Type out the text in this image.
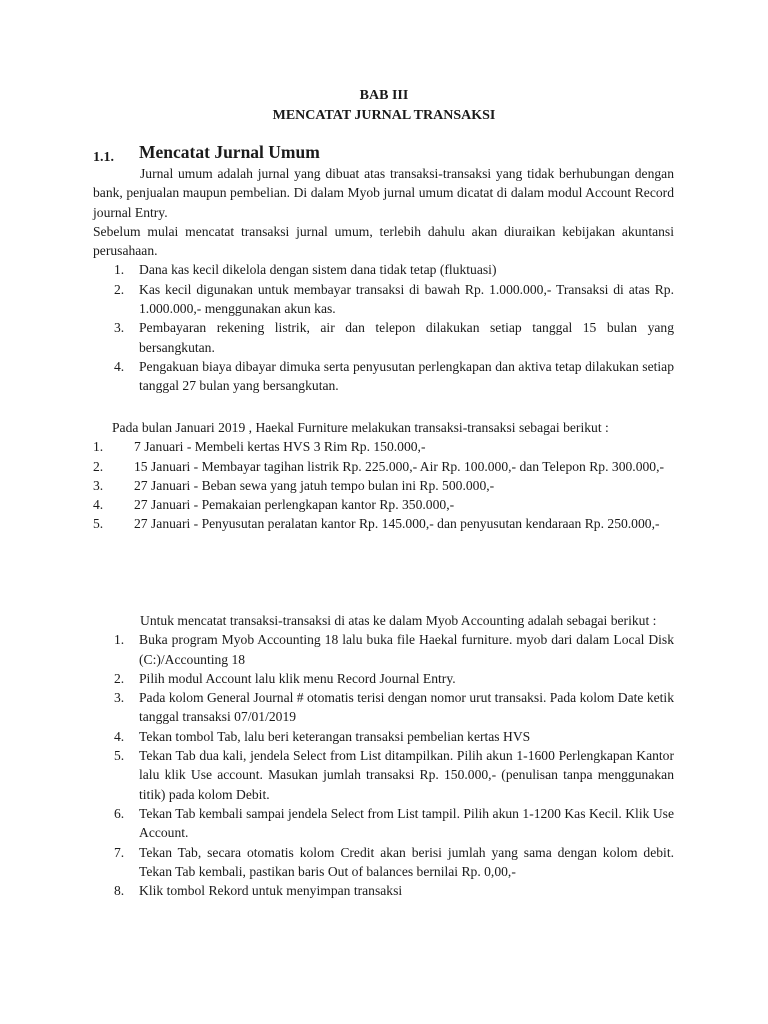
BAB III
MENCATAT JURNAL TRANSAKSI
1.1. Mencatat Jurnal Umum

Jurnal umum adalah jurnal yang dibuat atas transaksi-transaksi yang tidak berhubungan dengan bank, penjualan maupun pembelian. Di dalam Myob jurnal umum dicatat di dalam modul Account Record journal Entry.

Sebelum mulai mencatat transaksi jurnal umum, terlebih dahulu akan diuraikan kebijakan akuntansi perusahaan.

1. Dana kas kecil dikelola dengan sistem dana tidak tetap (fluktuasi)
2. Kas kecil digunakan untuk membayar transaksi di bawah Rp. 1.000.000,- Transaksi di atas Rp. 1.000.000,- menggunakan akun kas.
3. Pembayaran rekening listrik, air dan telepon dilakukan setiap tanggal 15 bulan yang bersangkutan.
4. Pengakuan biaya dibayar dimuka serta penyusutan perlengkapan dan aktiva tetap dilakukan setiap tanggal 27 bulan yang bersangkutan.

Pada bulan Januari 2019 , Haekal Furniture melakukan transaksi-transaksi sebagai berikut :

1. 7 Januari - Membeli kertas HVS 3 Rim Rp. 150.000,-
2. 15 Januari - Membayar tagihan listrik Rp. 225.000,- Air Rp. 100.000,- dan Telepon Rp. 300.000,-
3. 27 Januari - Beban sewa yang jatuh tempo bulan ini Rp. 500.000,-
4. 27 Januari - Pemakaian perlengkapan kantor Rp. 350.000,-
5. 27 Januari - Penyusutan peralatan kantor Rp. 145.000,- dan penyusutan kendaraan Rp. 250.000,-

Untuk mencatat transaksi-transaksi di atas ke dalam Myob Accounting adalah sebagai berikut :

1. Buka program Myob Accounting 18 lalu buka file Haekal furniture. myob dari dalam Local Disk (C:)/Accounting 18
2. Pilih modul Account lalu klik menu Record Journal Entry.
3. Pada kolom General Journal # otomatis terisi dengan nomor urut transaksi. Pada kolom Date ketik tanggal transaksi 07/01/2019
4. Tekan tombol Tab, lalu beri keterangan transaksi pembelian kertas HVS
5. Tekan Tab dua kali, jendela Select from List ditampilkan. Pilih akun 1-1600 Perlengkapan Kantor lalu klik Use account. Masukan jumlah transaksi Rp. 150.000,- (penulisan tanpa menggunakan titik) pada kolom Debit.
6. Tekan Tab kembali sampai jendela Select from List tampil. Pilih akun 1-1200 Kas Kecil. Klik Use Account.
7. Tekan Tab, secara otomatis kolom Credit akan berisi jumlah yang sama dengan kolom debit. Tekan Tab kembali, pastikan baris Out of balances bernilai Rp. 0,00,-
8. Klik tombol Rekord untuk menyimpan transaksi
